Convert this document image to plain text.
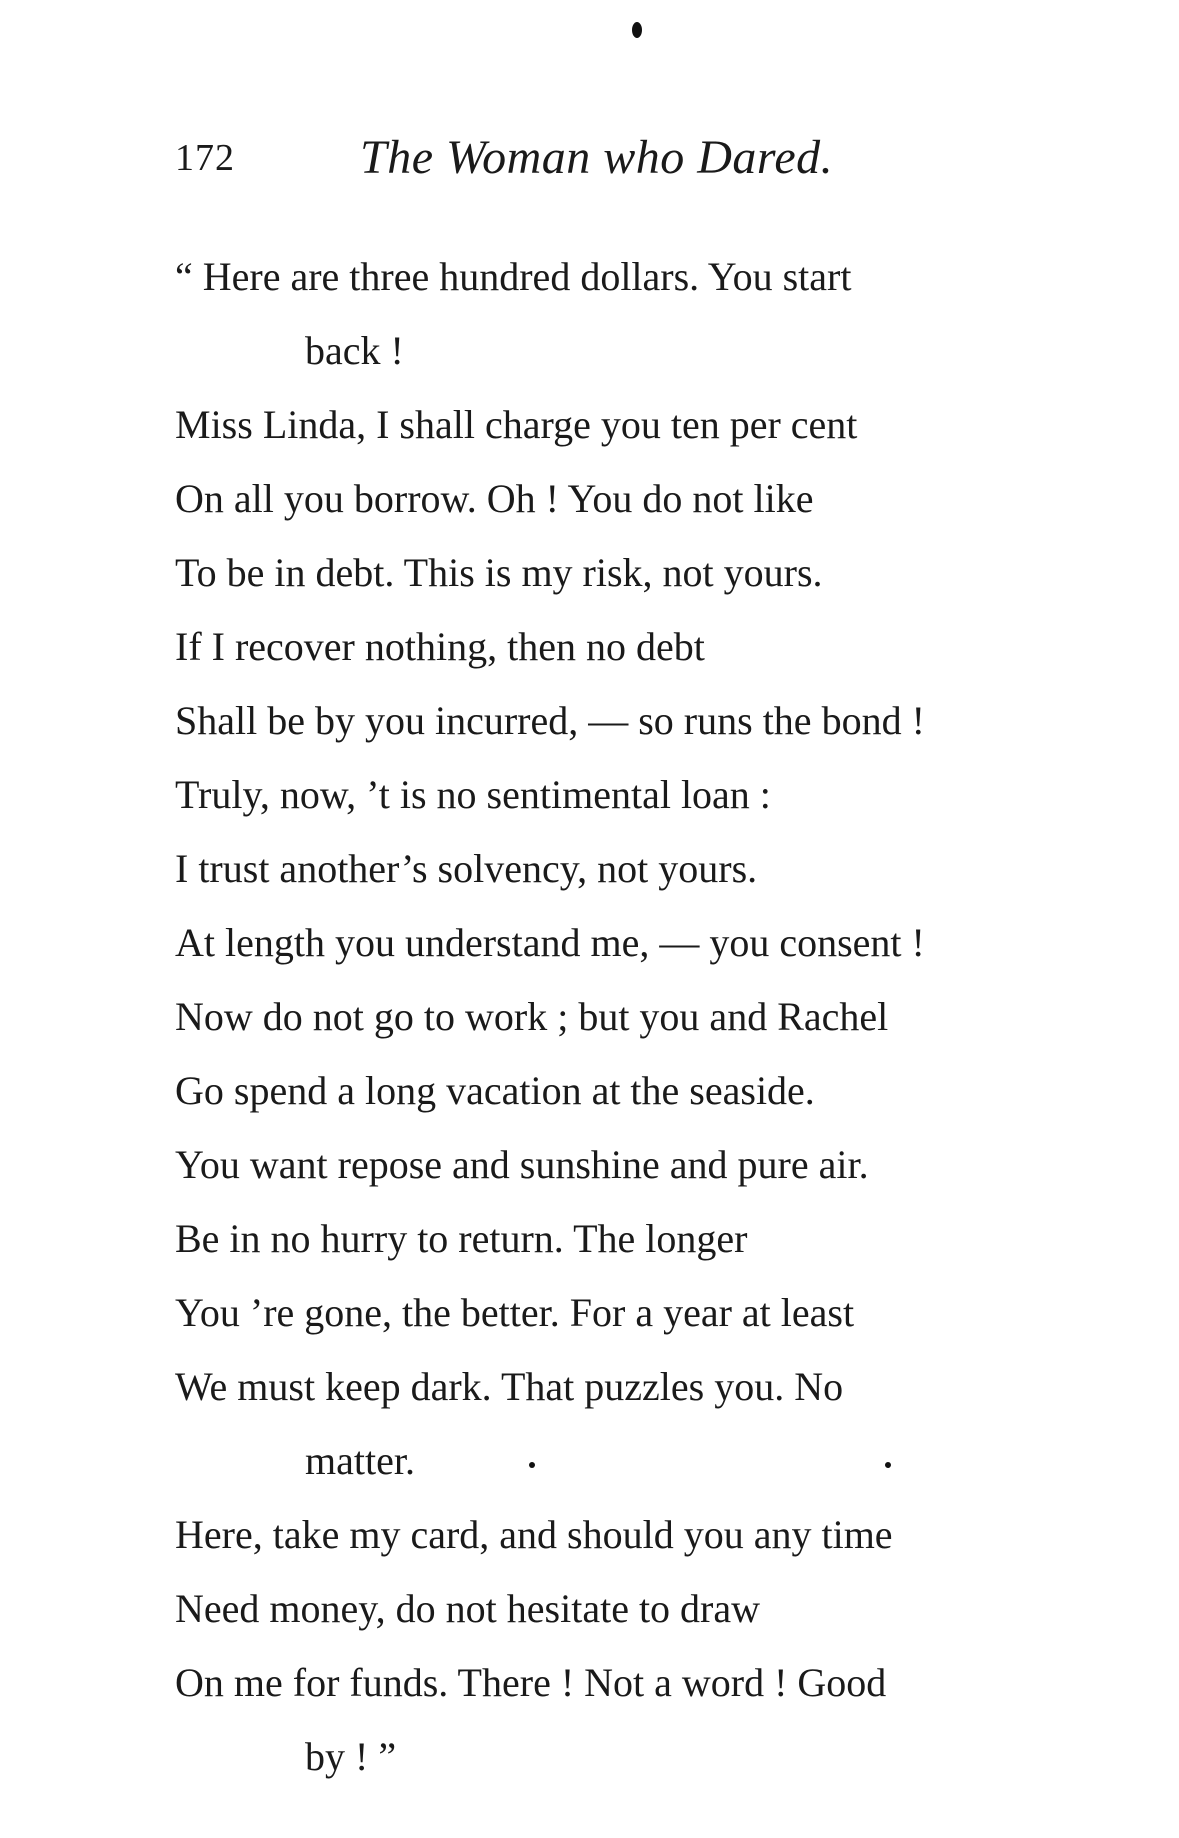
172	The Woman who Dared.
“ Here are three hundred dollars. You start
back !
Miss Linda, I shall charge you ten per cent
On all you borrow. Oh ! You do not like
To be in debt. This is my risk, not yours.
If I recover nothing, then no debt
Shall be by you incurred, — so runs the bond !
Truly, now, ’t is no sentimental loan :
I trust another’s solvency, not yours.
At length you understand me, — you consent !
Now do not go to work ; but you and Rachel
Go spend a long vacation at the seaside.
You want repose and sunshine and pure air.
Be in no hurry to return. The longer
You ’re gone, the better. For a year at least
We must keep dark. That puzzles you. No
matter.
Here, take my card, and should you any time
Need money, do not hesitate to draw
On me for funds. There ! Not a word ! Good
by ! ”
